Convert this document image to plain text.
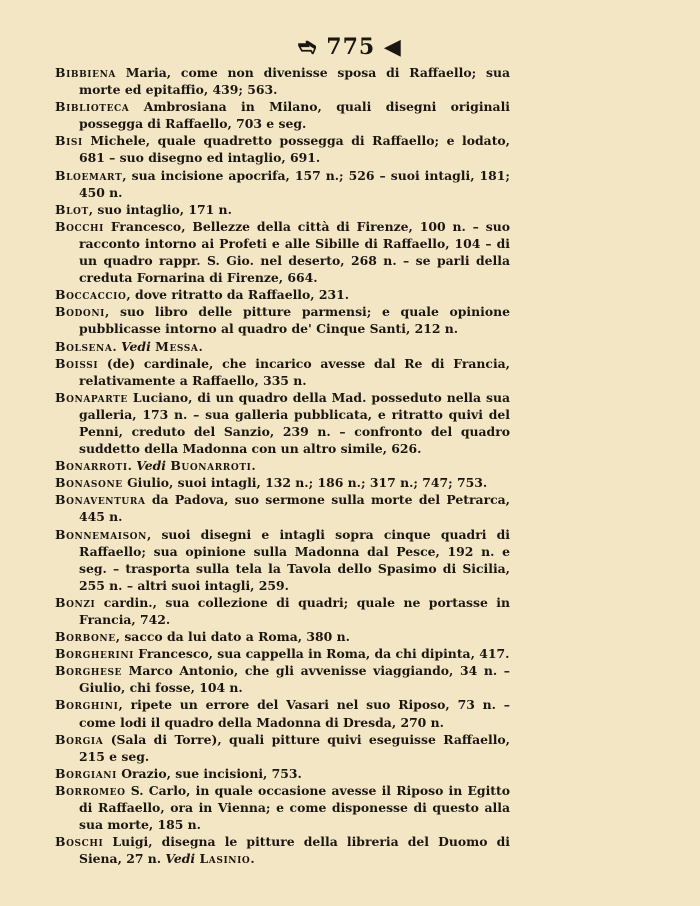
➬ 775 ◀

Bibbiena Maria, come non divenisse sposa di Raffaello; sua morte ed epitaffio, 439; 563.

Biblioteca Ambrosiana in Milano, quali disegni originali possegga di Raffaello, 703 e seg.

Bisi Michele, quale quadretto possegga di Raffaello; e lodato, 681 – suo disegno ed intaglio, 691.

Bloemart, sua incisione apocrifa, 157 n.; 526 – suoi intagli, 181; 450 n.

Blot, suo intaglio, 171 n.

Bocchi Francesco, Bellezze della città di Firenze, 100 n. – suo racconto intorno ai Profeti e alle Sibille di Raffaello, 104 – di un quadro rappr. S. Gio. nel deserto, 268 n. – se parli della creduta Fornarina di Firenze, 664.

Boccaccio, dove ritratto da Raffaello, 231.

Bodoni, suo libro delle pitture parmensi; e quale opinione pubblicasse intorno al quadro de' Cinque Santi, 212 n.

Bolsena. Vedi Messa.

Boissi (de) cardinale, che incarico avesse dal Re di Francia, relativamente a Raffaello, 335 n.

Bonaparte Luciano, di un quadro della Mad. posseduto nella sua galleria, 173 n. – sua galleria pubblicata, e ritratto quivi del Penni, creduto del Sanzio, 239 n. – confronto del quadro suddetto della Madonna con un altro simile, 626.

Bonarroti. Vedi Buonarroti.

Bonasone Giulio, suoi intagli, 132 n.; 186 n.; 317 n.; 747; 753.

Bonaventura da Padova, suo sermone sulla morte del Petrarca, 445 n.

Bonnemaison, suoi disegni e intagli sopra cinque quadri di Raffaello; sua opinione sulla Madonna dal Pesce, 192 n. e seg. – trasporta sulla tela la Tavola dello Spasimo di Sicilia, 255 n. – altri suoi intagli, 259.

Bonzi cardin., sua collezione di quadri; quale ne portasse in Francia, 742.

Borbone, sacco da lui dato a Roma, 380 n.

Borgherini Francesco, sua cappella in Roma, da chi dipinta, 417.

Borghese Marco Antonio, che gli avvenisse viaggiando, 34 n. – Giulio, chi fosse, 104 n.

Borghini, ripete un errore del Vasari nel suo Riposo, 73 n. – come lodi il quadro della Madonna di Dresda, 270 n.

Borgia (Sala di Torre), quali pitture quivi eseguisse Raffaello, 215 e seg.

Borgiani Orazio, sue incisioni, 753.

Borromeo S. Carlo, in quale occasione avesse il Riposo in Egitto di Raffaello, ora in Vienna; e come disponesse di questo alla sua morte, 185 n.

Boschi Luigi, disegna le pitture della libreria del Duomo di Siena, 27 n. Vedi Lasinio.
